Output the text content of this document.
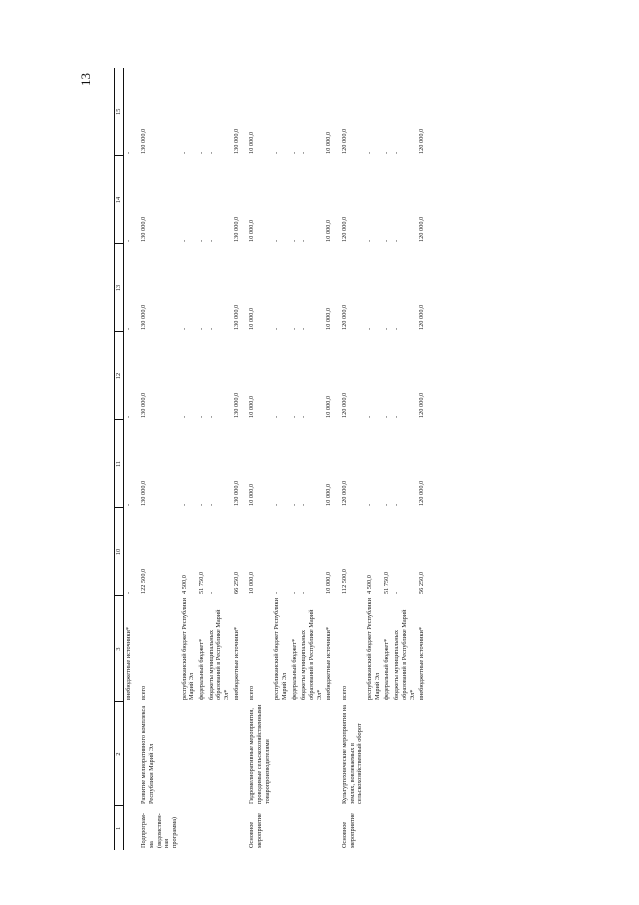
13
1	2	3	10	11	12	13	14	15
		внебюджетные источники*	-	-	-	-	-	-

Подпрограм-ма (ведомствен-ная программа)	Развитие мелиоративного комплекса Республики Марий Эл	всего	122 500,0	130 000,0	130 000,0	130 000,0	130 000,0	130 000,0
		республиканский бюджет Республики Марий Эл	4 500,0	-	-	-	-	-
		федеральный бюджет*	51 750,0	-	-	-	-	-
		бюджеты муниципальных образований в Республике Марий Эл*	-	-	-	-	-	-
		внебюджетные источники*	66 250,0	130 000,0	130 000,0	130 000,0	130 000,0	130 000,0

Основное мероприятие	Гидромелиоративные мероприятия, проводимые сельскохозяйственными товаропроизводителями	всего	10 000,0	10 000,0	10 000,0	10 000,0	10 000,0	10 000,0
		республиканский бюджет Республики Марий Эл	-	-	-	-	-	-
		федеральный бюджет*	-	-	-	-	-	-
		бюджеты муниципальных образований в Республике Марий Эл*	-	-	-	-	-	-
		внебюджетные источники*	10 000,0	10 000,0	10 000,0	10 000,0	10 000,0	10 000,0

Основное мероприятие	Культуртехнические мероприятия на землях, вовлекаемых в сельскохозяйственный оборот	всего	112 500,0	120 000,0	120 000,0	120 000,0	120 000,0	120 000,0
		республиканский бюджет Республики Марий Эл	4 500,0	-	-	-	-	-
		федеральный бюджет*	51 750,0	-	-	-	-	-
		бюджеты муниципальных образований в Республике Марий Эл*	-	-	-	-	-	-
		внебюджетные источники*	56 250,0	120 000,0	120 000,0	120 000,0	120 000,0	120 000,0
